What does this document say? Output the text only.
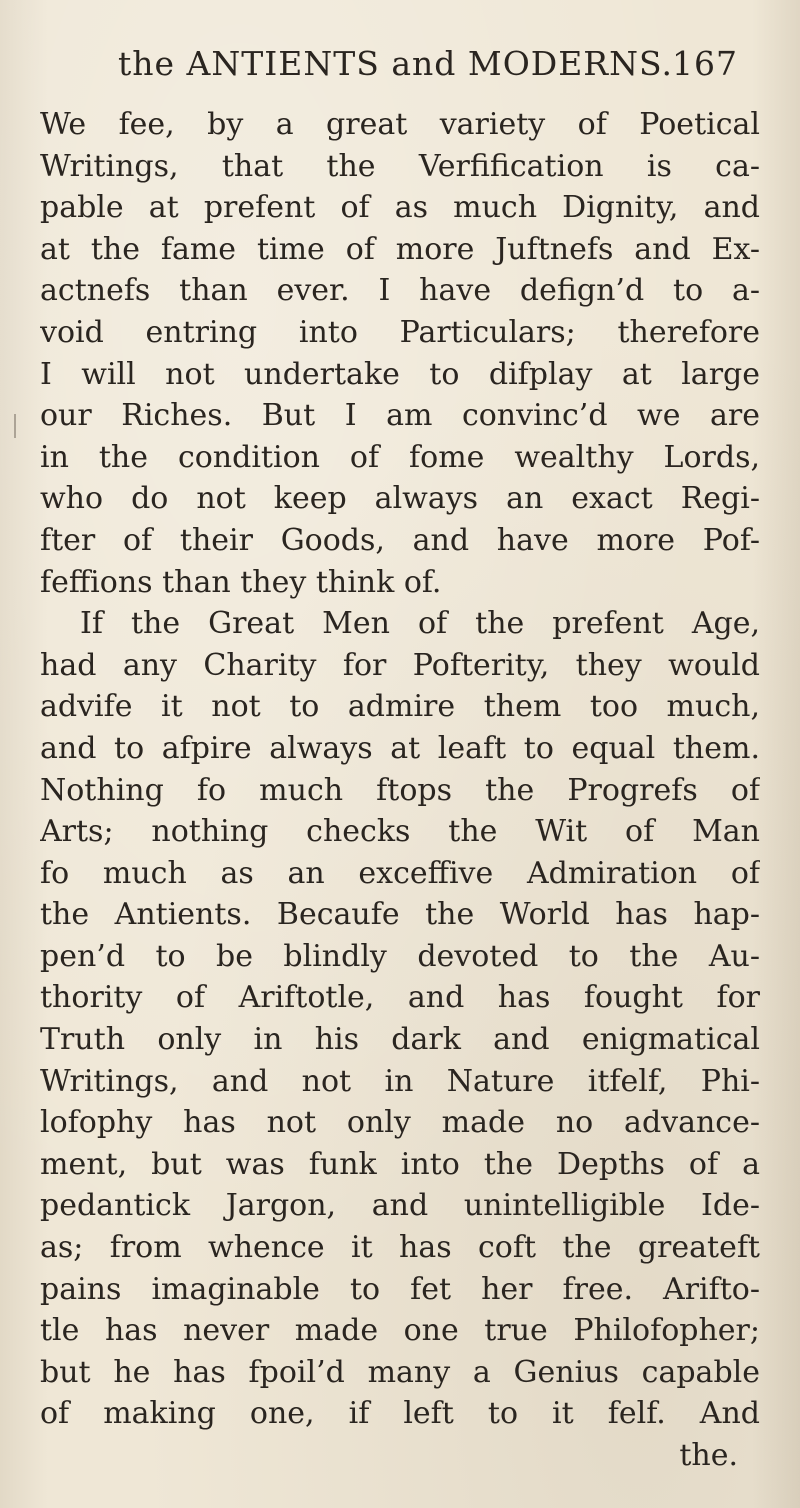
the ANTIENTS and MODERNS. 167
We fee, by a great variety of Poetical
Writings, that the Verfification is ca-
pable at prefent of as much Dignity, and
at the fame time of more Juftnefs and Ex-
actnefs than ever. I have defign’d to a-
void entring into Particulars; therefore
I will not undertake to difplay at large
our Riches. But I am convinc’d we are
in the condition of fome wealthy Lords,
who do not keep always an exact Regi-
fter of their Goods, and have more Pof-
feffions than they think of.
If the Great Men of the prefent Age,
had any Charity for Pofterity, they would
advife it not to admire them too much,
and to afpire always at leaft to equal them.
Nothing fo much ftops the Progrefs of
Arts; nothing checks the Wit of Man
fo much as an exceffive Admiration of
the Antients. Becaufe the World has hap-
pen’d to be blindly devoted to the Au-
thority of Ariftotle, and has fought for
Truth only in his dark and enigmatical
Writings, and not in Nature itfelf, Phi-
lofophy has not only made no advance-
ment, but was funk into the Depths of a
pedantick Jargon, and unintelligible Ide-
as; from whence it has coft the greateft
pains imaginable to fet her free. Arifto-
tle has never made one true Philofopher;
but he has fpoil’d many a Genius capable
of making one, if left to it felf. And
the.
